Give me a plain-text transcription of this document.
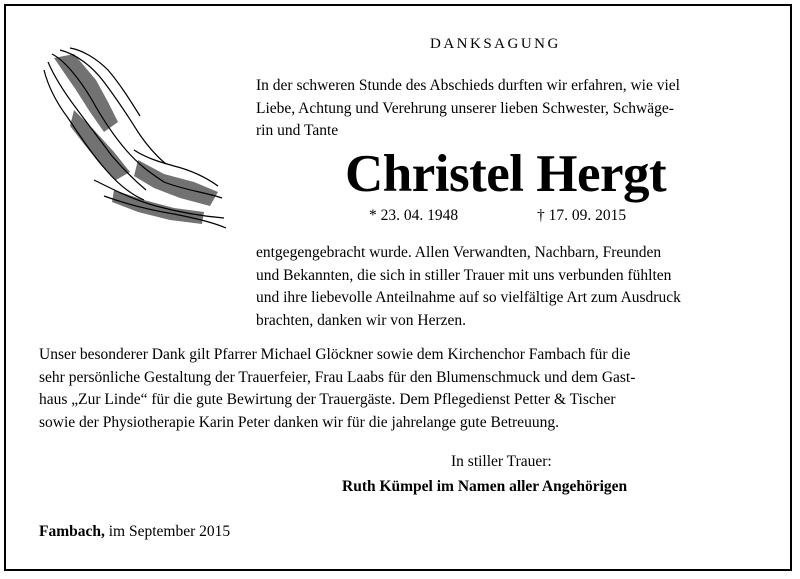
DANKSAGUNG
In der schweren Stunde des Abschieds durften wir erfahren, wie viel
Liebe, Achtung und Verehrung unserer lieben Schwester, Schwäge-
rin und Tante
Christel Hergt
* 23. 04. 1948	† 17. 09. 2015
entgegengebracht wurde. Allen Verwandten, Nachbarn, Freunden
und Bekannten, die sich in stiller Trauer mit uns verbunden fühlten
und ihre liebevolle Anteilnahme auf so vielfältige Art zum Ausdruck
brachten, danken wir von Herzen.
Unser besonderer Dank gilt Pfarrer Michael Glöckner sowie dem Kirchenchor Fambach für die
sehr persönliche Gestaltung der Trauerfeier, Frau Laabs für den Blumenschmuck und dem Gast-
haus „Zur Linde“ für die gute Bewirtung der Trauergäste. Dem Pflegedienst Petter & Tischer
sowie der Physiotherapie Karin Peter danken wir für die jahrelange gute Betreuung.
In stiller Trauer:
Ruth Kümpel im Namen aller Angehörigen
Fambach, im September 2015
